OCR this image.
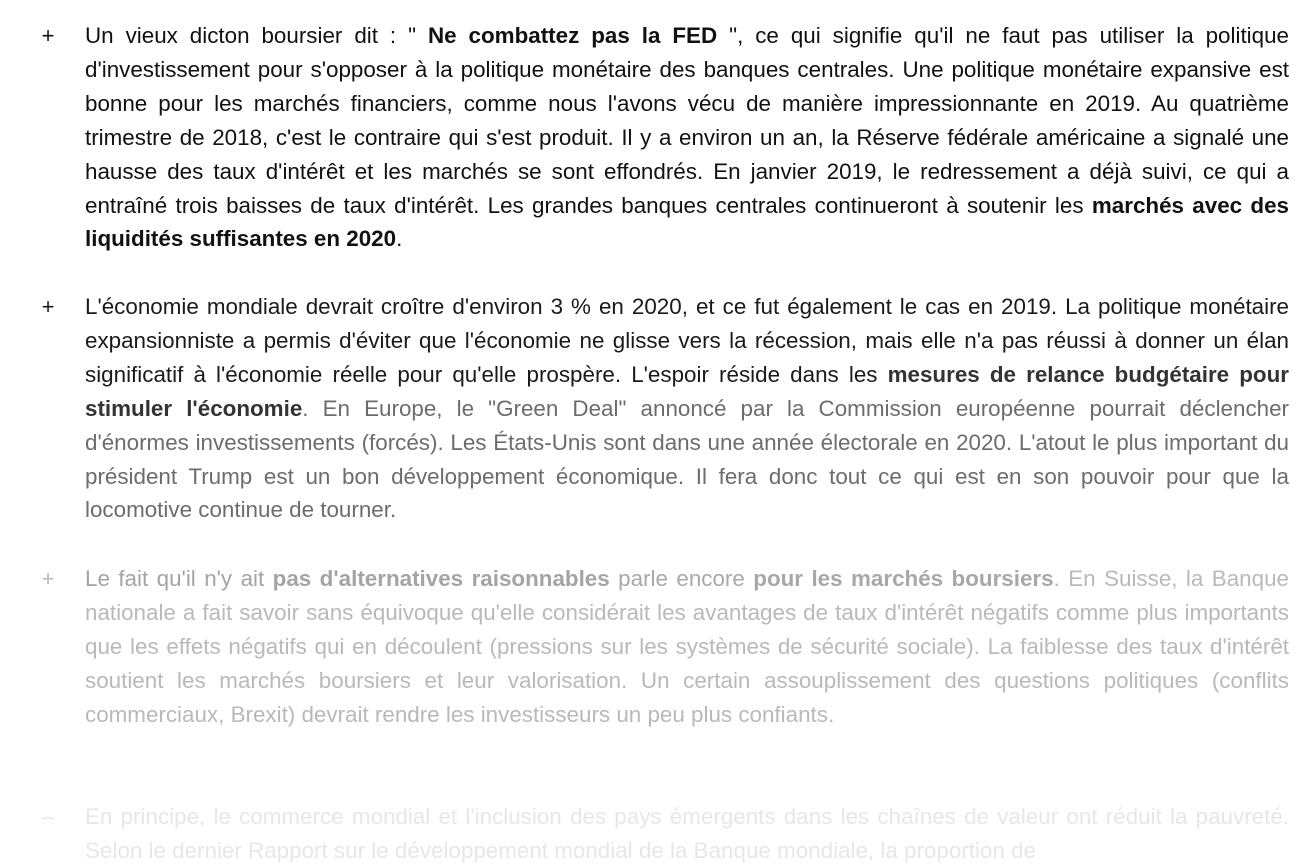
+ Un vieux dicton boursier dit : " Ne combattez pas la FED ", ce qui signifie qu'il ne faut pas utiliser la politique d'investissement pour s'opposer à la politique monétaire des banques centrales. Une politique monétaire expansive est bonne pour les marchés financiers, comme nous l'avons vécu de manière impressionnante en 2019. Au quatrième trimestre de 2018, c'est le contraire qui s'est produit. Il y a environ un an, la Réserve fédérale américaine a signalé une hausse des taux d'intérêt et les marchés se sont effondrés. En janvier 2019, le redressement a déjà suivi, ce qui a entraîné trois baisses de taux d'intérêt. Les grandes banques centrales continueront à soutenir les marchés avec des liquidités suffisantes en 2020.

+ L'économie mondiale devrait croître d'environ 3 % en 2020, et ce fut également le cas en 2019. La politique monétaire expansionniste a permis d'éviter que l'économie ne glisse vers la récession, mais elle n'a pas réussi à donner un élan significatif à l'économie réelle pour qu'elle prospère. L'espoir réside dans les mesures de relance budgétaire pour stimuler l'économie. En Europe, le "Green Deal" annoncé par la Commission européenne pourrait déclencher d'énormes investissements (forcés). Les États-Unis sont dans une année électorale en 2020. L'atout le plus important du président Trump est un bon développement économique. Il fera donc tout ce qui est en son pouvoir pour que la locomotive continue de tourner.

+ Le fait qu'il n'y ait pas d'alternatives raisonnables parle encore pour les marchés boursiers. En Suisse, la Banque nationale a fait savoir sans équivoque qu'elle considérait les avantages de taux d'intérêt négatifs comme plus importants que les effets négatifs qui en découlent (pressions sur les systèmes de sécurité sociale). La faiblesse des taux d'intérêt soutient les marchés boursiers et leur valorisation. Un certain assouplissement des questions politiques (conflits commerciaux, Brexit) devrait rendre les investisseurs un peu plus confiants.

– En principe, le commerce mondial et l'inclusion des pays émergents dans les chaînes de valeur ont réduit la pauvreté. Selon le dernier Rapport sur le développement mondial de la Banque mondiale, la proportion de
